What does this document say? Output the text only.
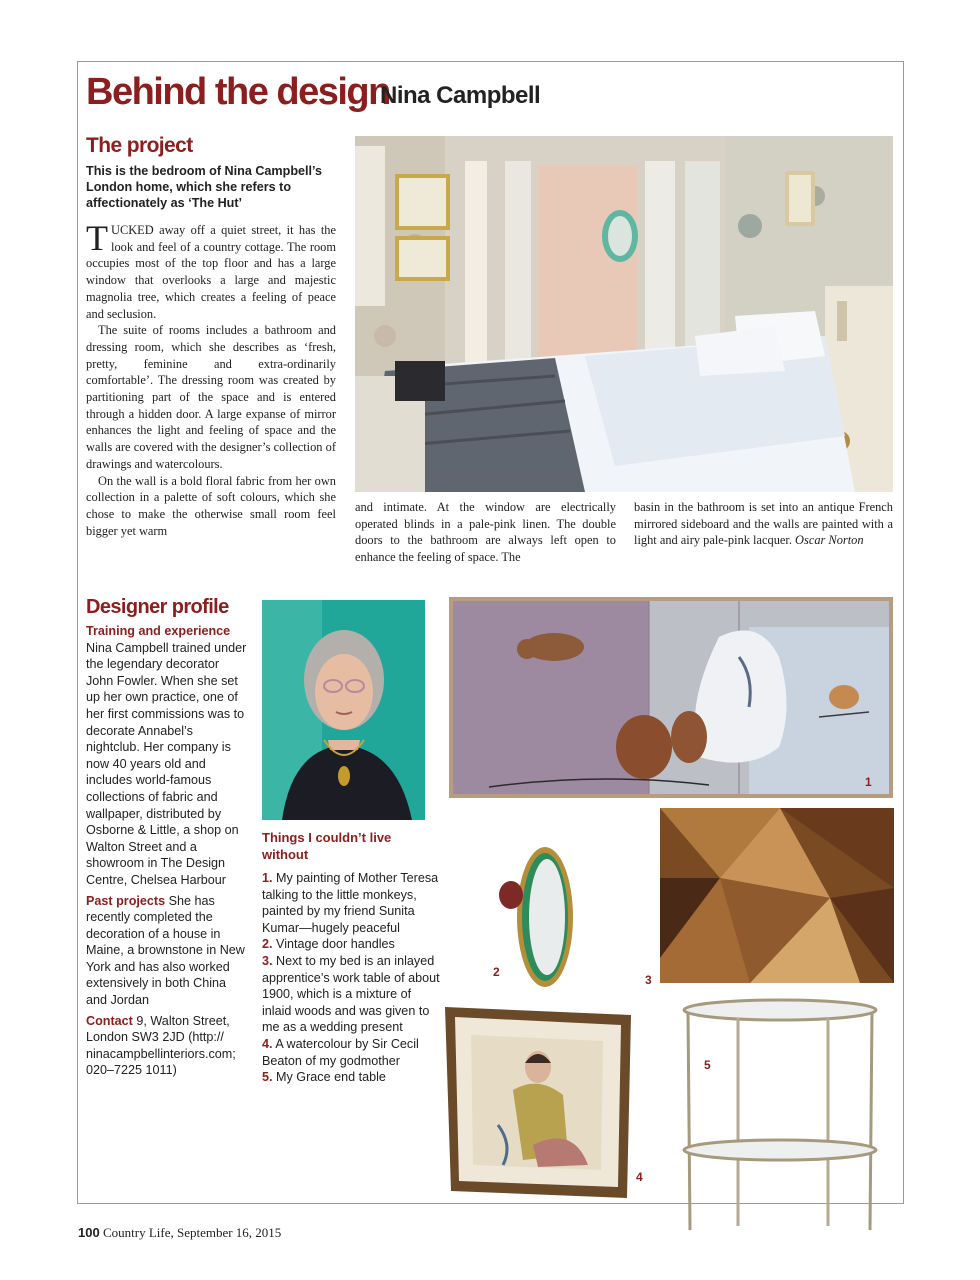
Behind the design
Nina Campbell
The project
This is the bedroom of Nina Campbell’s London home, which she refers to affectionately as ‘The Hut’

TUCKED away off a quiet street, it has the look and feel of a country cottage. The room occupies most of the top floor and has a large window that overlooks a large and majestic magnolia tree, which creates a feeling of peace and seclusion.

The suite of rooms includes a bathroom and dressing room, which she describes as ‘fresh, pretty, feminine and extra-ordinarily comfortable’. The dressing room was created by partitioning part of the space and is entered through a hidden door. A large expanse of mirror enhances the light and feeling of space and the walls are covered with the designer’s collection of drawings and watercolours.

On the wall is a bold floral fabric from her own collection in a palette of soft colours, which she chose to make the otherwise small room feel bigger yet warm

and intimate. At the window are electrically operated blinds in a pale-pink linen. The double doors to the bathroom are always left open to enhance the feeling of space. The
basin in the bathroom is set into an antique French mirrored sideboard and the walls are painted with a light and airy pale-pink lacquer. Oscar Norton
Designer profile

Training and experience
Nina Campbell trained under the legendary decorator John Fowler. When she set up her own practice, one of her first commissions was to decorate Annabel’s nightclub. Her company is now 40 years old and includes world-famous collections of fabric and wallpaper, distributed by Osborne & Little, a shop on Walton Street and a showroom in The Design Centre, Chelsea Harbour

Past projects She has recently completed the decoration of a house in Maine, a brownstone in New York and has also worked extensively in both China and Jordan

Contact 9, Walton Street, London SW3 2JD (http:// ninacampbellinteriors.com; 020–7225 1011)

Things I couldn’t live without
1. My painting of Mother Teresa talking to the little monkeys, painted by my friend Sunita Kumar—hugely peaceful
2. Vintage door handles
3. Next to my bed is an inlayed apprentice’s work table of about 1900, which is a mixture of inlaid woods and was given to me as a wedding present
4. A watercolour by Sir Cecil Beaton of my godmother
5. My Grace end table
1
2
3
4
5
100 Country Life, September 16, 2015
